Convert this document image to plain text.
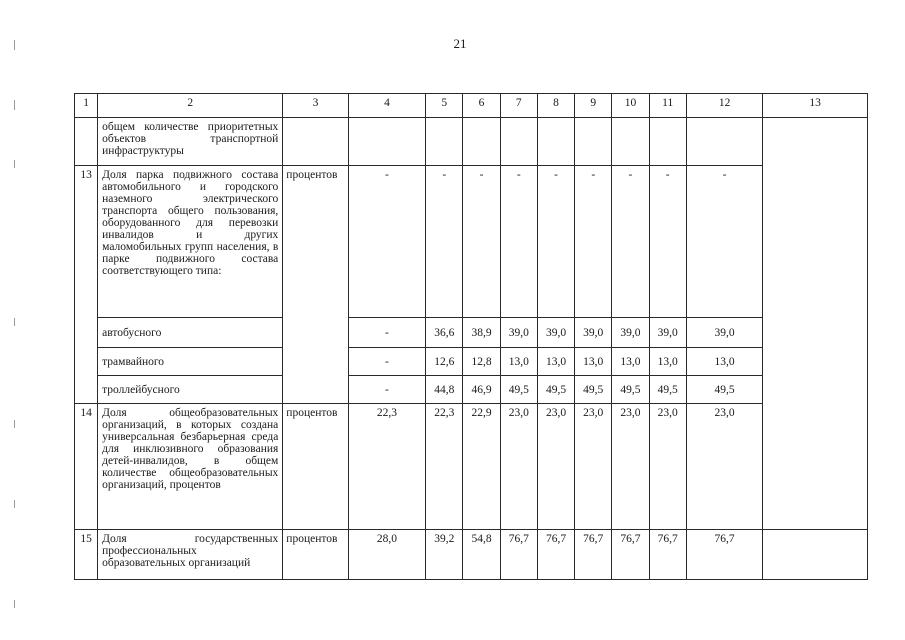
21
1	2	3	4	5	6	7	8	9	10	11	12	13
	общем количестве приоритетных объектов транспортной инфраструктуры											
13	Доля парка подвижного состава автомобильного и городского наземного электрического транспорта общего пользования, оборудованного для перевозки инвалидов и других маломобильных групп населения, в парке подвижного состава соответствующего типа:	процентов	-	-	-	-	-	-	-	-	-	
	автобусного		-	36,6	38,9	39,0	39,0	39,0	39,0	39,0	39,0	
	трамвайного		-	12,6	12,8	13,0	13,0	13,0	13,0	13,0	13,0	
	троллейбусного		-	44,8	46,9	49,5	49,5	49,5	49,5	49,5	49,5	
14	Доля общеобразовательных организаций, в которых создана универсальная безбарьерная среда для инклюзивного образования детей-инвалидов, в общем количестве общеобразовательных организаций, процентов	процентов	22,3	22,3	22,9	23,0	23,0	23,0	23,0	23,0	23,0	
15	Доля государственных профессиональных образовательных организаций	процентов	28,0	39,2	54,8	76,7	76,7	76,7	76,7	76,7	76,7	
